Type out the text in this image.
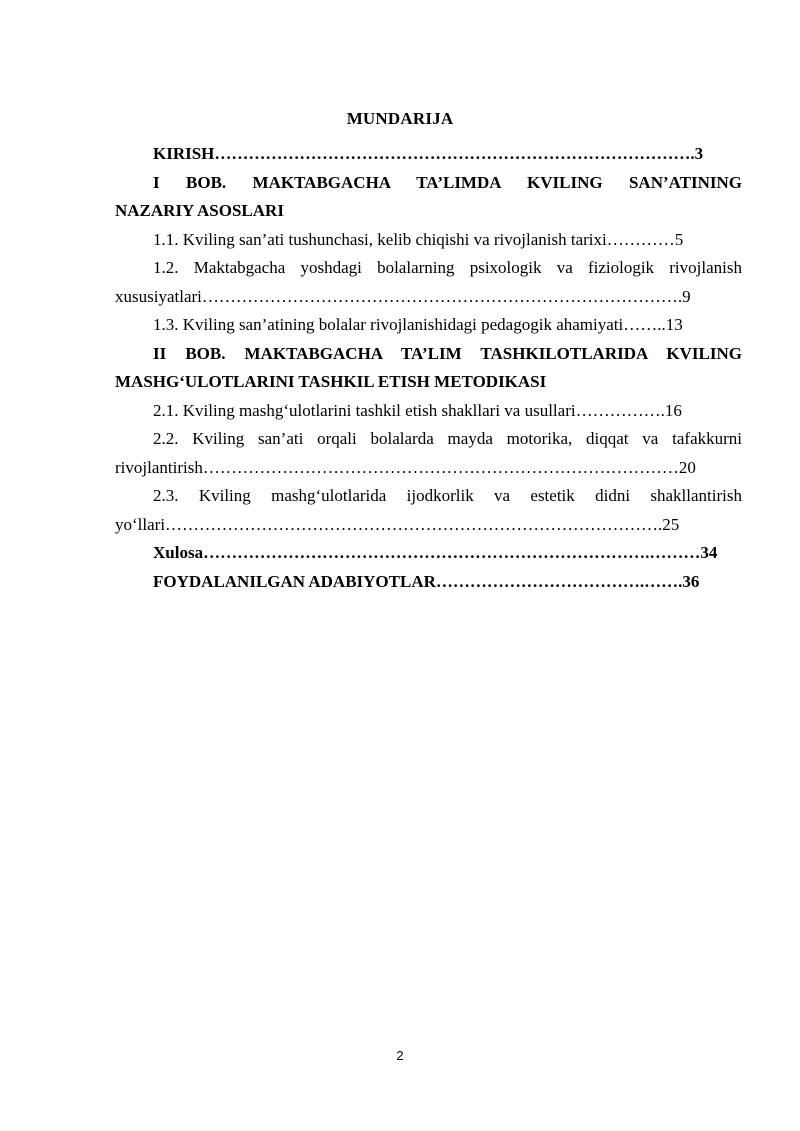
MUNDARIJA

KIRISH………………………………………………………………………….3

I BOB. MAKTABGACHA TA’LIMDA KVILING SAN’ATINING

NAZARIY ASOSLARI

1.1. Kviling san’ati tushunchasi, kelib chiqishi va rivojlanish tarixi…………5

1.2. Maktabgacha yoshdagi bolalarning psixologik va fiziologik rivojlanish

xususiyatlari………………………………………………………………………….9

1.3. Kviling san’atining bolalar rivojlanishidagi pedagogik ahamiyati……..13

II BOB. MAKTABGACHA TA’LIM TASHKILOTLARIDA KVILING

MASHG‘ULOTLARINI TASHKIL ETISH METODIKASI

2.1. Kviling mashg‘ulotlarini tashkil etish shakllari va usullari…………….16

2.2. Kviling san’ati orqali bolalarda mayda motorika, diqqat va tafakkurni

rivojlantirish…………………………………………………………………………20

2.3. Kviling mashg‘ulotlarida ijodkorlik va estetik didni shakllantirish

yo‘llari…………………………………………………………………………….25

Xulosa…………………………………………………………………….………34

FOYDALANILGAN ADABIYOTLAR……………………………….…….36

2
